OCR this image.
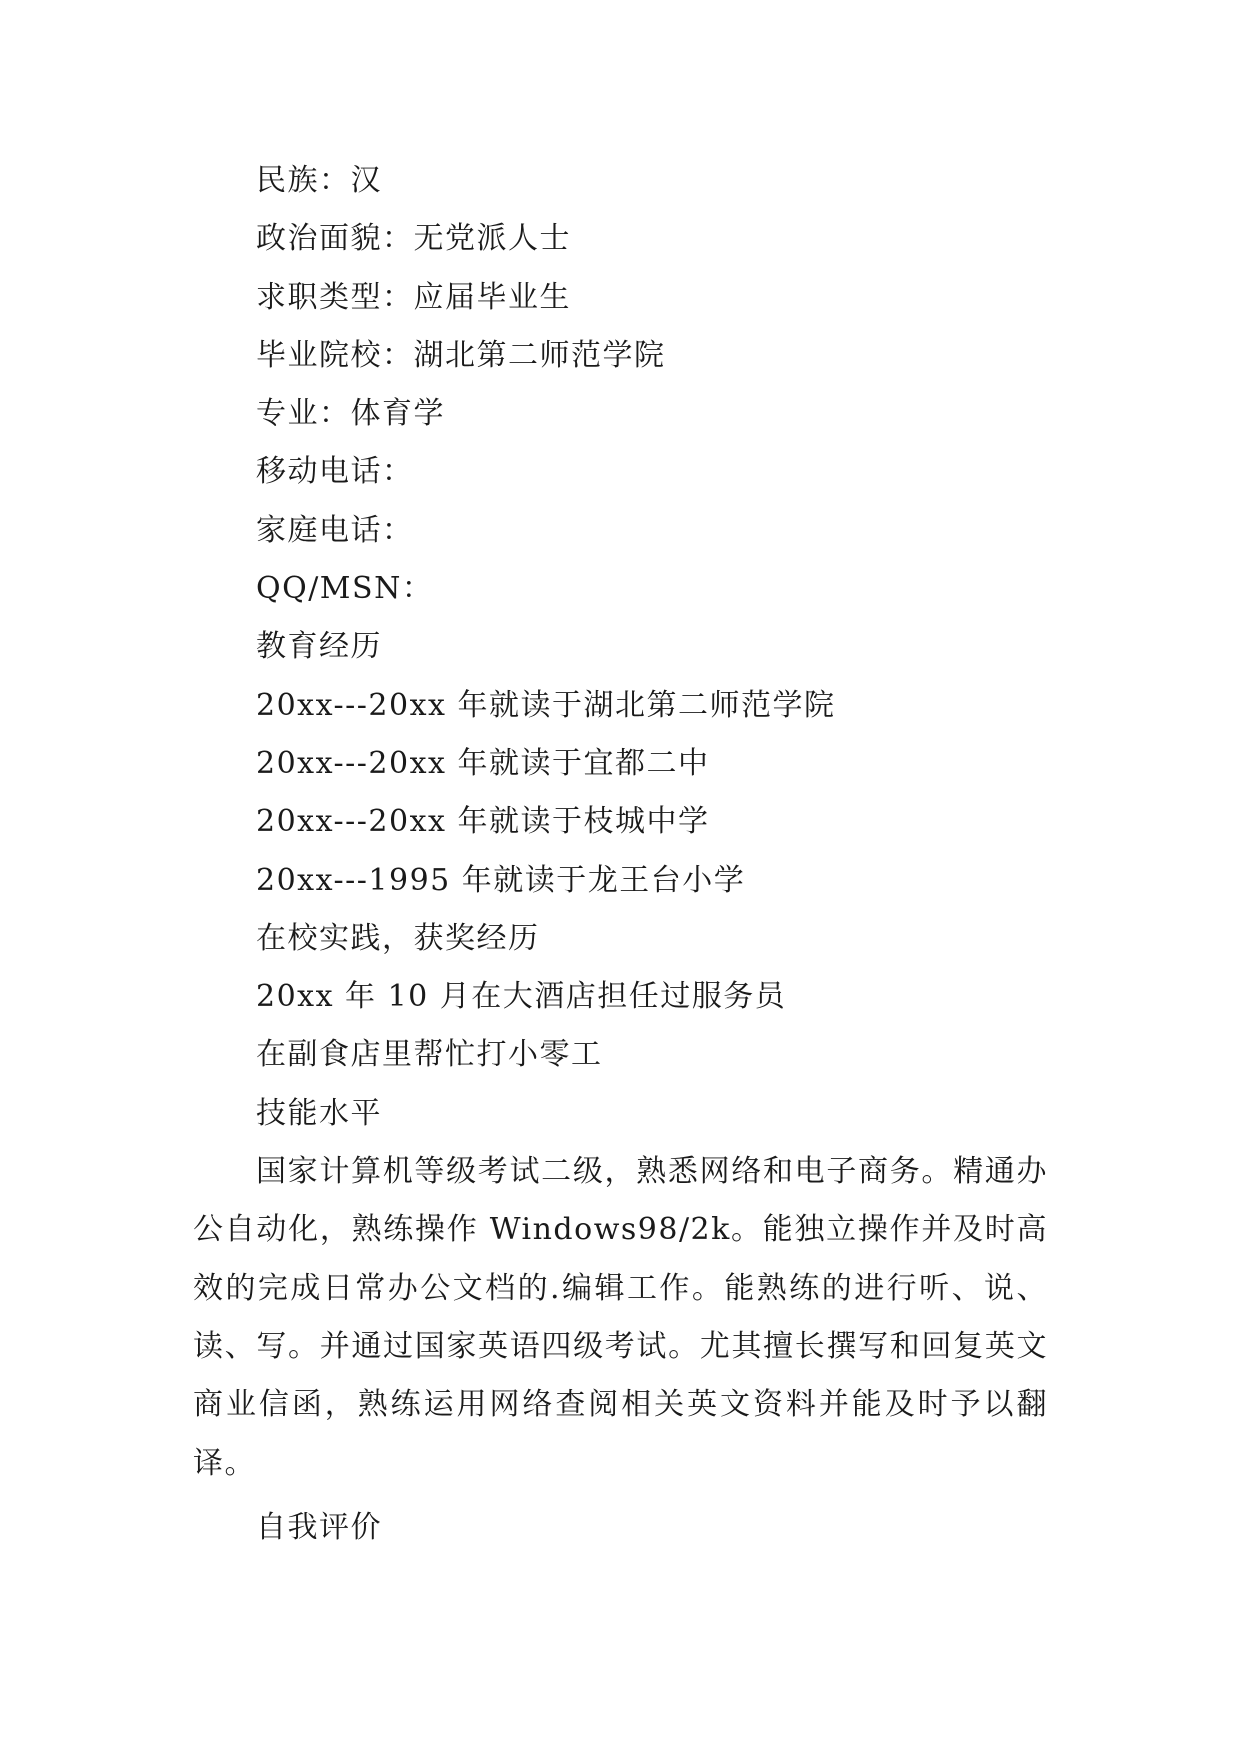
民族：汉
政治面貌：无党派人士
求职类型：应届毕业生
毕业院校：湖北第二师范学院
专业：体育学
移动电话：
家庭电话：
QQ/MSN：
教育经历
20xx---20xx 年就读于湖北第二师范学院
20xx---20xx 年就读于宜都二中
20xx---20xx 年就读于枝城中学
20xx---1995 年就读于龙王台小学
在校实践，获奖经历
20xx 年 10 月在大酒店担任过服务员
在副食店里帮忙打小零工
技能水平

国家计算机等级考试二级，熟悉网络和电子商务。精通办公自动化，熟练操作 Windows98/2k。能独立操作并及时高效的完成日常办公文档的.编辑工作。能熟练的进行听、说、读、写。并通过国家英语四级考试。尤其擅长撰写和回复英文商业信函，熟练运用网络查阅相关英文资料并能及时予以翻译。

自我评价
